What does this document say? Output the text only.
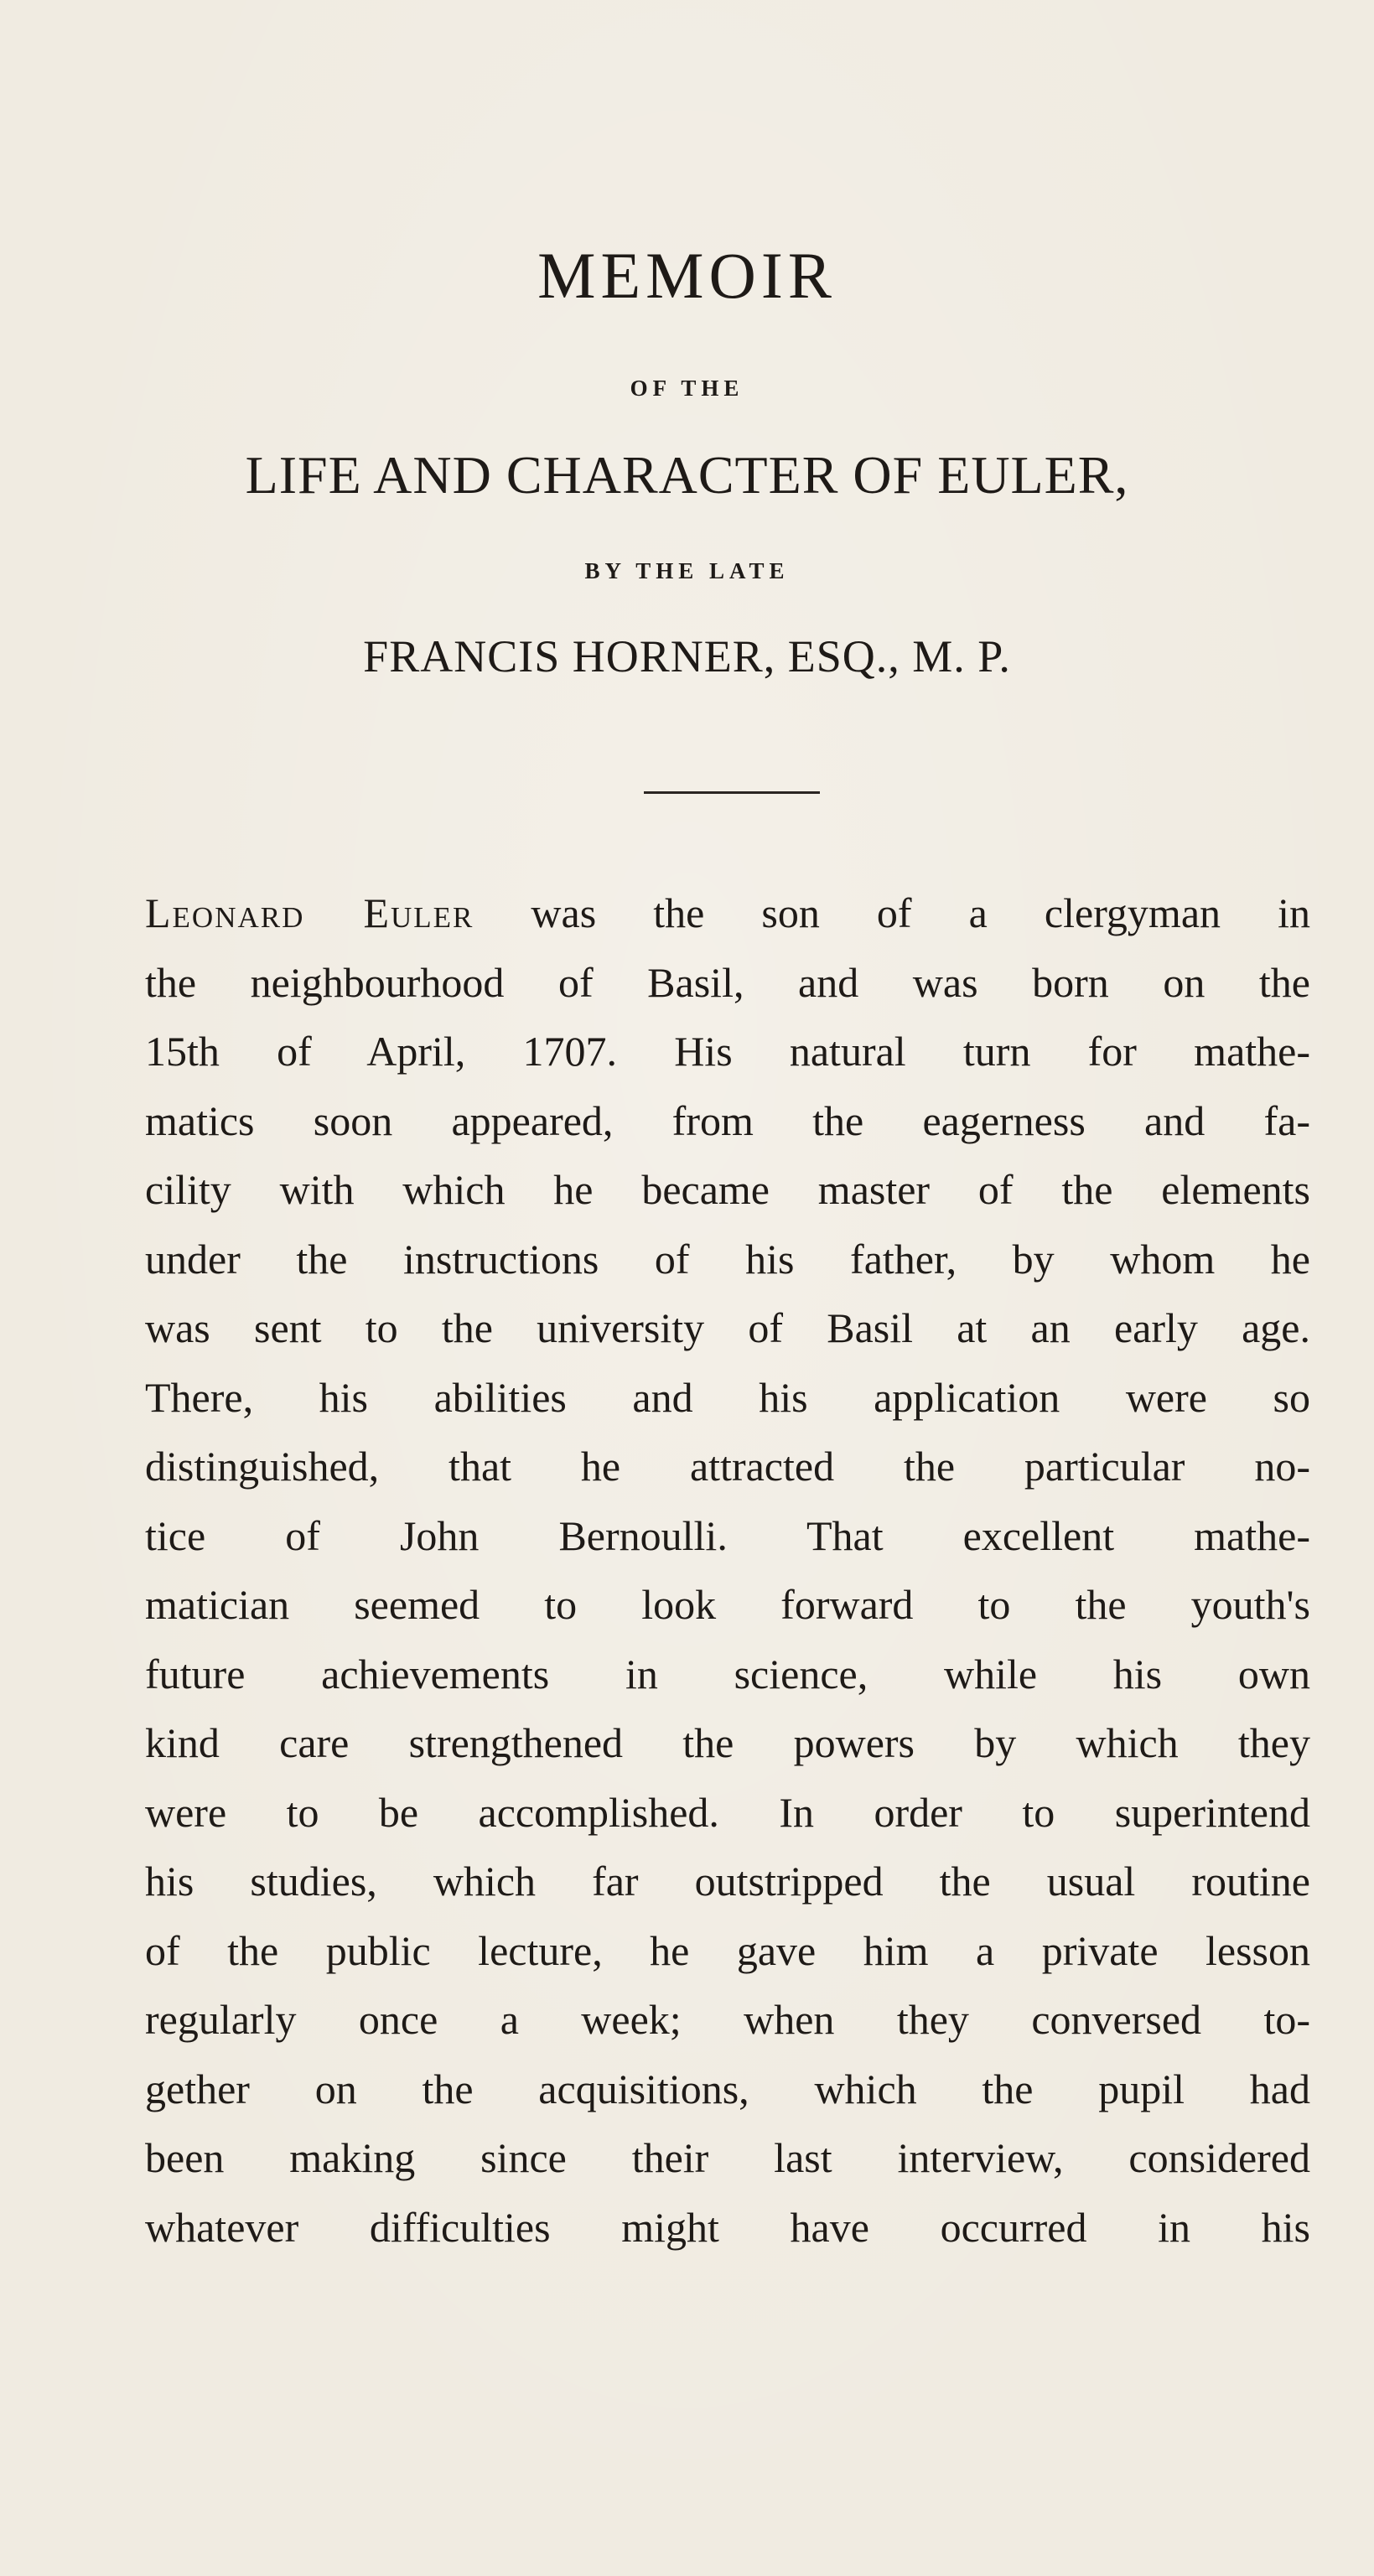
MEMOIR
OF THE
LIFE AND CHARACTER OF EULER,
BY THE LATE
FRANCIS HORNER, ESQ., M. P.
Leonard Euler was the son of a clergyman in
the neighbourhood of Basil, and was born on the
15th of April, 1707. His natural turn for mathe-
matics soon appeared, from the eagerness and fa-
cility with which he became master of the elements
under the instructions of his father, by whom he
was sent to the university of Basil at an early age.
There, his abilities and his application were so
distinguished, that he attracted the particular no-
tice of John Bernoulli. That excellent mathe-
matician seemed to look forward to the youth's
future achievements in science, while his own
kind care strengthened the powers by which they
were to be accomplished. In order to superintend
his studies, which far outstripped the usual routine
of the public lecture, he gave him a private lesson
regularly once a week; when they conversed to-
gether on the acquisitions, which the pupil had
been making since their last interview, considered
whatever difficulties might have occurred in his
